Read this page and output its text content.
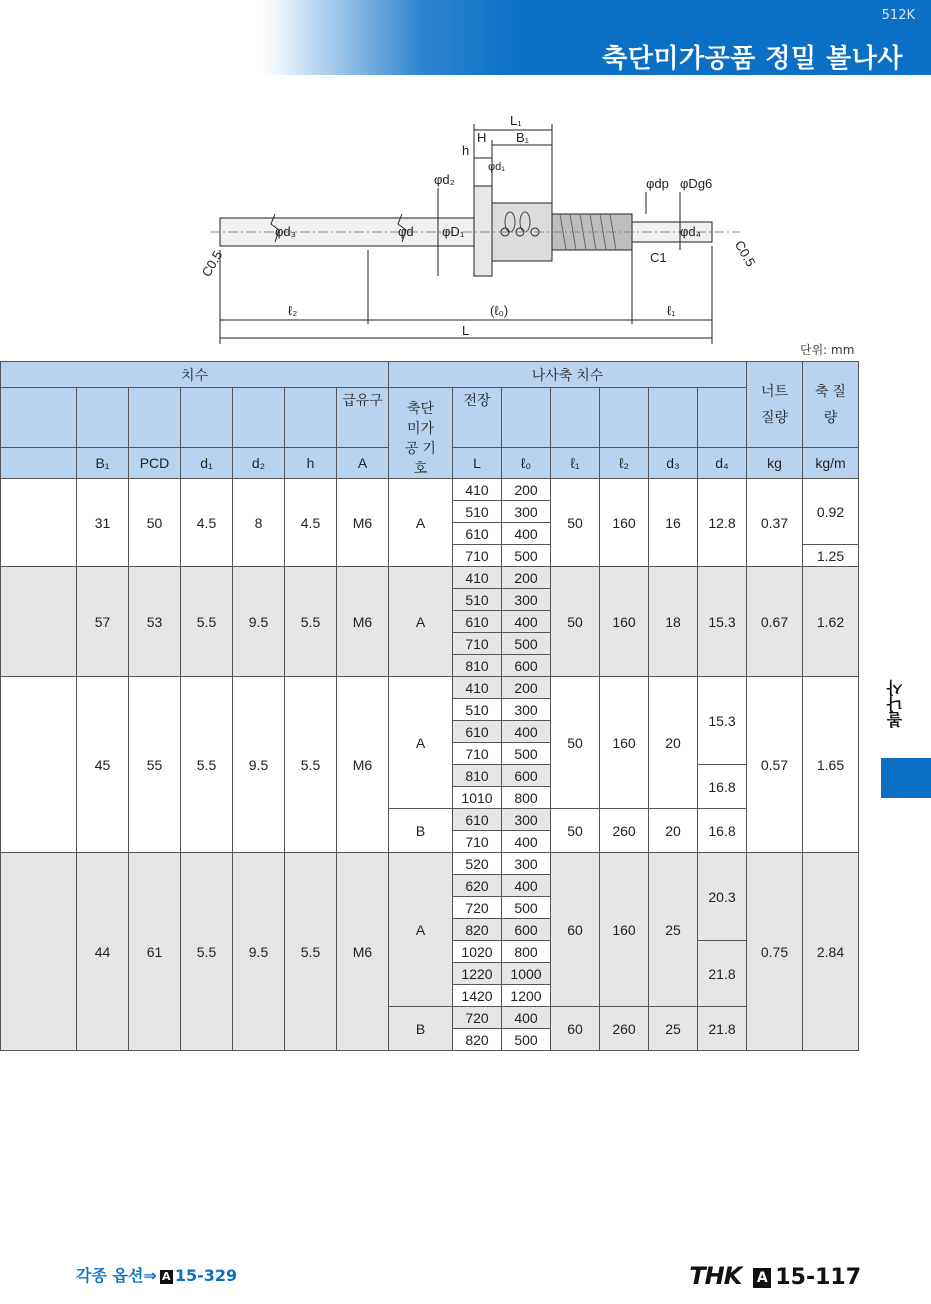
512K
축단미가공품 정밀 볼나사
L₁
H B₁
h
φd₁
φd₂	φdp φDg6
φd₃	φd φD₁	φd₄
C1
C0.5	C0.5
ℓ₂	(ℓ₀)	ℓ₁
L
단위: mm
치수							나사축 치수							너트 질량	축 질량

						급유구	축단 미가공 기호	전장							
	B₁	PCD	d₁	d₂	h	A		L	ℓ₀	ℓ₁	ℓ₂	d₃	d₄	kg	kg/m
	31	50	4.5	8	4.5	M6	A	410	200	50	160	16	12.8	0.37	0.92
								510	300						
								610	400						
								710	500						1.25
	57	53	5.5	9.5	5.5	M6	A	410	200	50	160	18	15.3	0.67	1.62
								510	300						
								610	400						
								710	500						
								810	600						
	45	55	5.5	9.5	5.5	M6	A	410	200	50	160	20	15.3	0.57	1.65
								510	300						
								610	400						
								710	500						
								810	600				16.8		
								1010	800						
							B	610	300	50	260	20	16.8		
								710	400						
	44	61	5.5	9.5	5.5	M6	A	520	300	60	160	25	20.3	0.75	2.84
								620	400						
								720	500						
								820	600						
								1020	800				21.8		
								1220	1000						
								1420	1200						
							B	720	400	60	260	25	21.8		
								820	500						
볼나사
각종 옵션⇒ A 15-329	THK A 15-117
